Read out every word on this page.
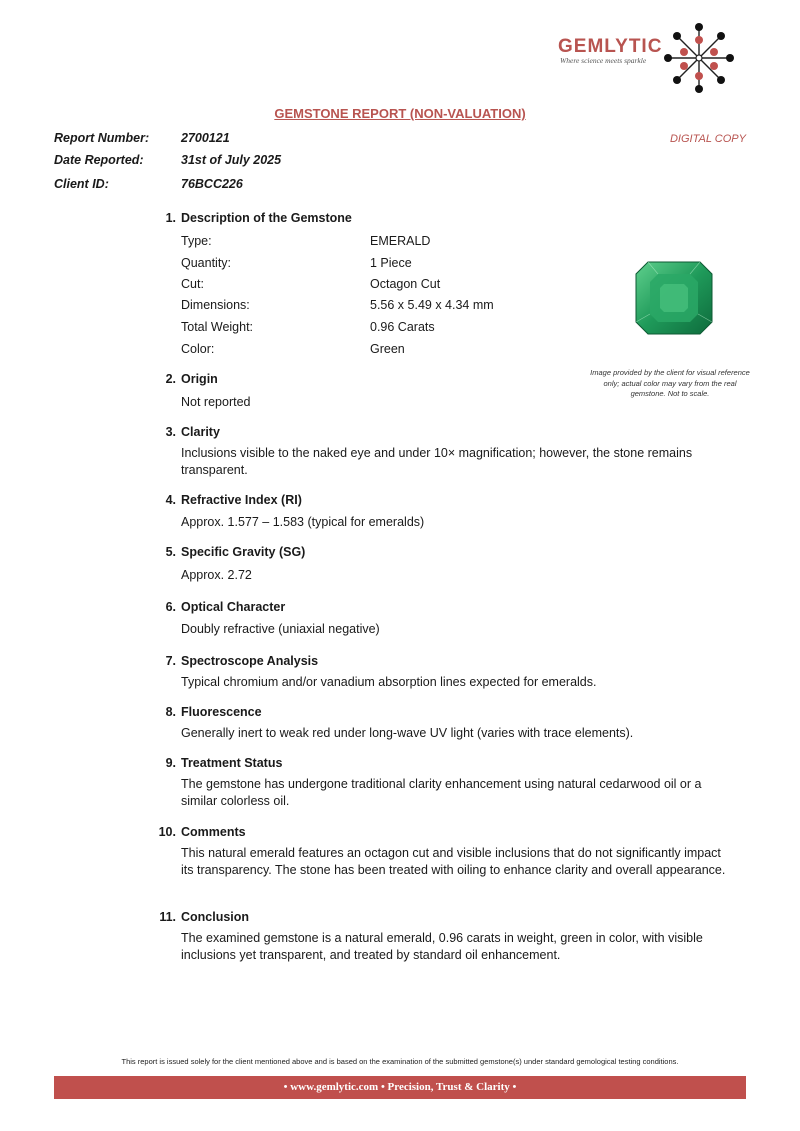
GEMLYTIC
Where science meets sparkle
GEMSTONE REPORT (NON-VALUATION)
DIGITAL COPY
Report Number:	2700121
Date Reported:	31st of July 2025
Client ID:	76BCC226
1. Description of the Gemstone
Type:	EMERALD
Quantity:	1 Piece
Cut:	Octagon Cut
Dimensions:	5.56 x 5.49 x 4.34 mm
Total Weight:	0.96 Carats
Color:	Green
Image provided by the client for visual reference only; actual color may vary from the real gemstone. Not to scale.
2. Origin
Not reported
3. Clarity
Inclusions visible to the naked eye and under 10× magnification; however, the stone remains transparent.
4. Refractive Index (RI)
Approx. 1.577 – 1.583 (typical for emeralds)
5. Specific Gravity (SG)
Approx. 2.72
6. Optical Character
Doubly refractive (uniaxial negative)
7. Spectroscope Analysis
Typical chromium and/or vanadium absorption lines expected for emeralds.
8. Fluorescence
Generally inert to weak red under long-wave UV light (varies with trace elements).
9. Treatment Status
The gemstone has undergone traditional clarity enhancement using natural cedarwood oil or a similar colorless oil.
10. Comments
This natural emerald features an octagon cut and visible inclusions that do not significantly impact its transparency. The stone has been treated with oiling to enhance clarity and overall appearance.
11. Conclusion
The examined gemstone is a natural emerald, 0.96 carats in weight, green in color, with visible inclusions yet transparent, and treated by standard oil enhancement.
This report is issued solely for the client mentioned above and is based on the examination of the submitted gemstone(s) under standard gemological testing conditions.
• www.gemlytic.com • Precision, Trust & Clarity •
